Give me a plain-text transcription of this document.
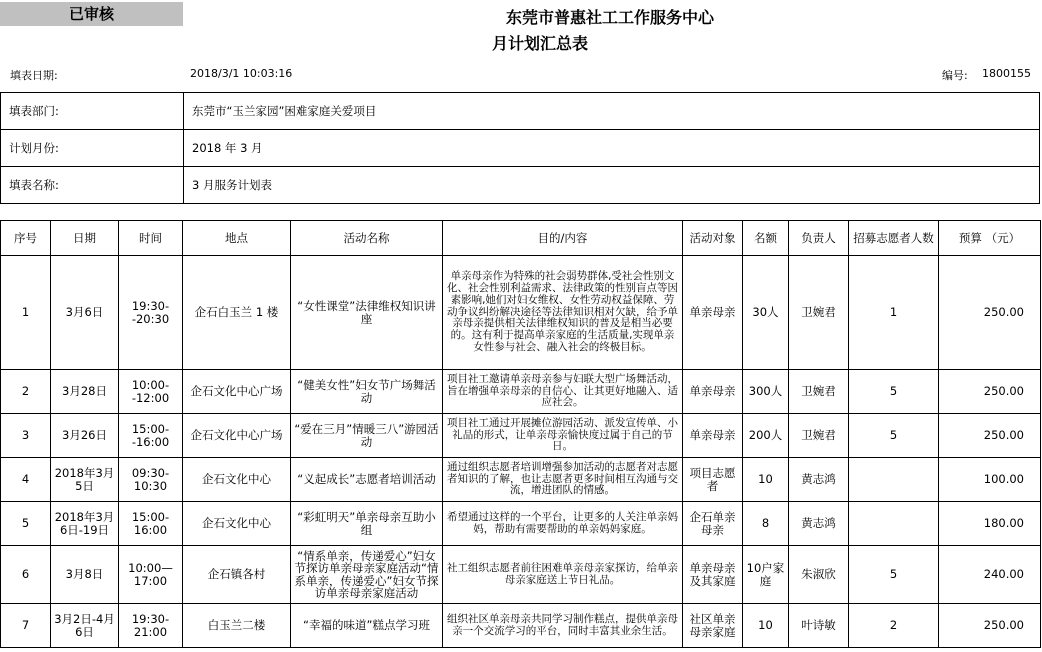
已审核	东莞市普惠社工工作服务中心
月计划汇总表
填表日期:	2018/3/1 10:03:16	编号: 1800155
填表部门:	东莞市“玉兰家园”困难家庭关爱项目
计划月份:	2018 年 3 月
填表名称:	3 月服务计划表
序号	日期	时间	地点	活动名称	目的/内容	活动对象	名额	负责人	招募志愿者人数	预算 （元）
1	3月6日	19:30--20:30	企石白玉兰 1 楼	“女性课堂”法律维权知识讲座	单亲母亲作为特殊的社会弱势群体,受社会性别文化、社会性别利益需求、法律政策的性别盲点等因素影响,她们对妇女维权、女性劳动权益保障、劳动争议纠纷解决途径等法律知识相对欠缺，给予单亲母亲提供相关法律维权知识的普及是相当必要的。这有利于提高单亲家庭的生活质量,实现单亲女性参与社会、融入社会的终极目标。	单亲母亲	30人	卫婉君	1	250.00
2	3月28日	10:00--12:00	企石文化中心广场	“健美女性”妇女节广场舞活动	项目社工邀请单亲母亲参与妇联大型广场舞活动，旨在增强单亲母亲的自信心、让其更好地融入、适应社会。	单亲母亲	300人	卫婉君	5	250.00
3	3月26日	15:00--16:00	企石文化中心广场	“爱在三月”情暖三八”游园活动	项目社工通过开展摊位游园活动、派发宣传单、小礼品的形式，让单亲母亲愉快度过属于自己的节日。	单亲母亲	200人	卫婉君	5	250.00
4	2018年3月5日	09:30-10:30	企石文化中心	“义起成长”志愿者培训活动	通过组织志愿者培训增强参加活动的志愿者对志愿者知识的了解，也让志愿者更多时间相互沟通与交流，增进团队的情感。	项目志愿者	10	黄志鸿		100.00
5	2018年3月6日-19日	15:00-16:00	企石文化中心	“彩虹明天”单亲母亲互助小组	希望通过这样的一个平台，让更多的人关注单亲妈妈，帮助有需要帮助的单亲妈妈家庭。	企石单亲母亲	8	黄志鸿		180.00
6	3月8日	10:00—17:00	企石镇各村	“情系单亲，传递爱心”妇女节探访单亲母亲家庭活动“情系单亲，传递爱心”妇女节探访单亲母亲家庭活动	社工组织志愿者前往困难单亲母亲家探访，给单亲母亲家庭送上节日礼品。	单亲母亲及其家庭	10户家庭	朱淑欣	5	240.00
7	3月2日-4月6日	19:30-21:00	白玉兰二楼	“幸福的味道”糕点学习班	组织社区单亲母亲共同学习制作糕点，提供单亲母亲一个交流学习的平台，同时丰富其业余生活。	社区单亲母亲家庭	10	叶诗敏	2	250.00
